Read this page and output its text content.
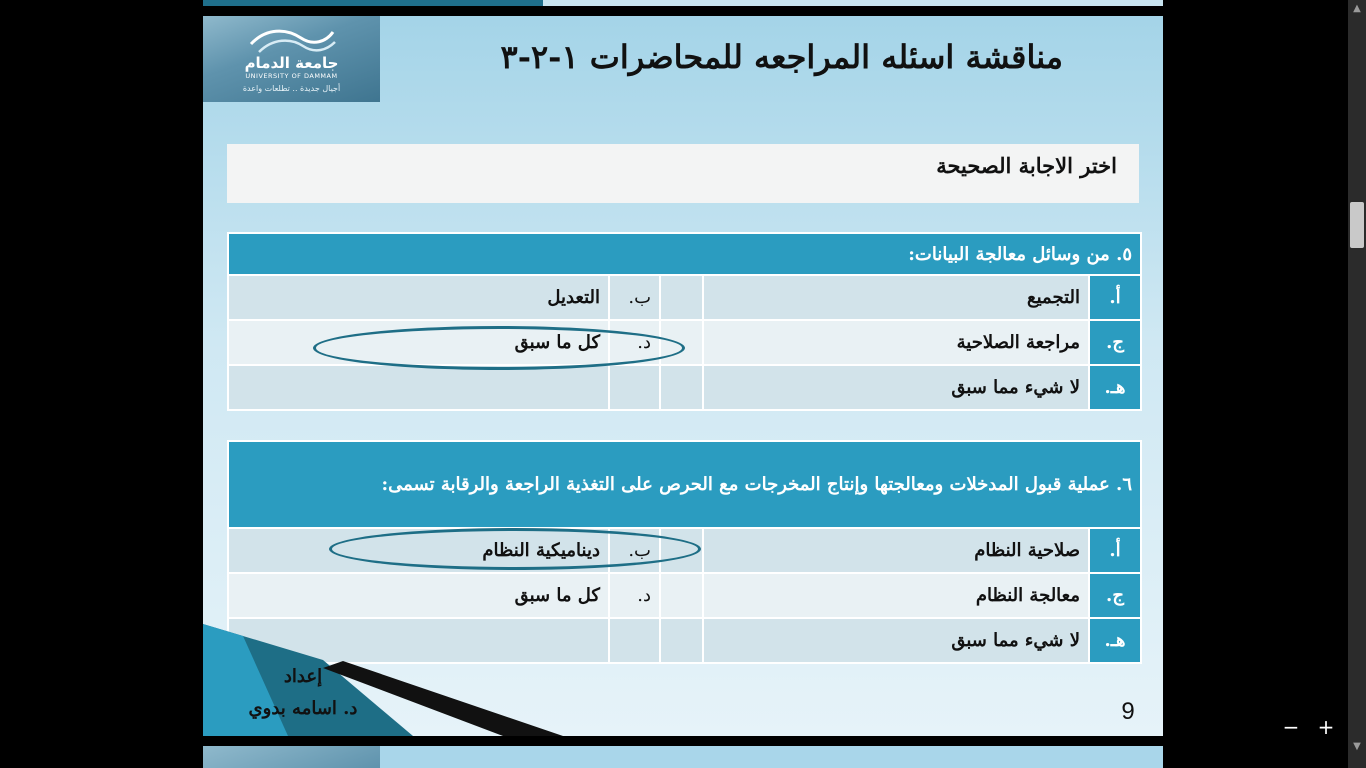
جامعة الدمام
UNIVERSITY OF DAMMAM
أجيال جديدة .. تطلعات واعدة
مناقشة اسئله المراجعه للمحاضرات ١-٢-٣
اختر الاجابة الصحيحة
٥. من وسائل معالجة البيانات:				
أ.	التجميع		ب.	التعديل
ج.	مراجعة الصلاحية		د.	كل ما سبق
هـ.	لا شيء مما سبق			
٦. عملية قبول المدخلات ومعالجتها وإنتاج المخرجات مع الحرص على التغذية الراجعة والرقابة تسمى:				
أ.	صلاحية النظام		ب.	ديناميكية النظام
ج.	معالجة النظام		د.	كل ما سبق
هـ.	لا شيء مما سبق			
إعداد
د. اسامه بدوي	9
▲
▼
− +
